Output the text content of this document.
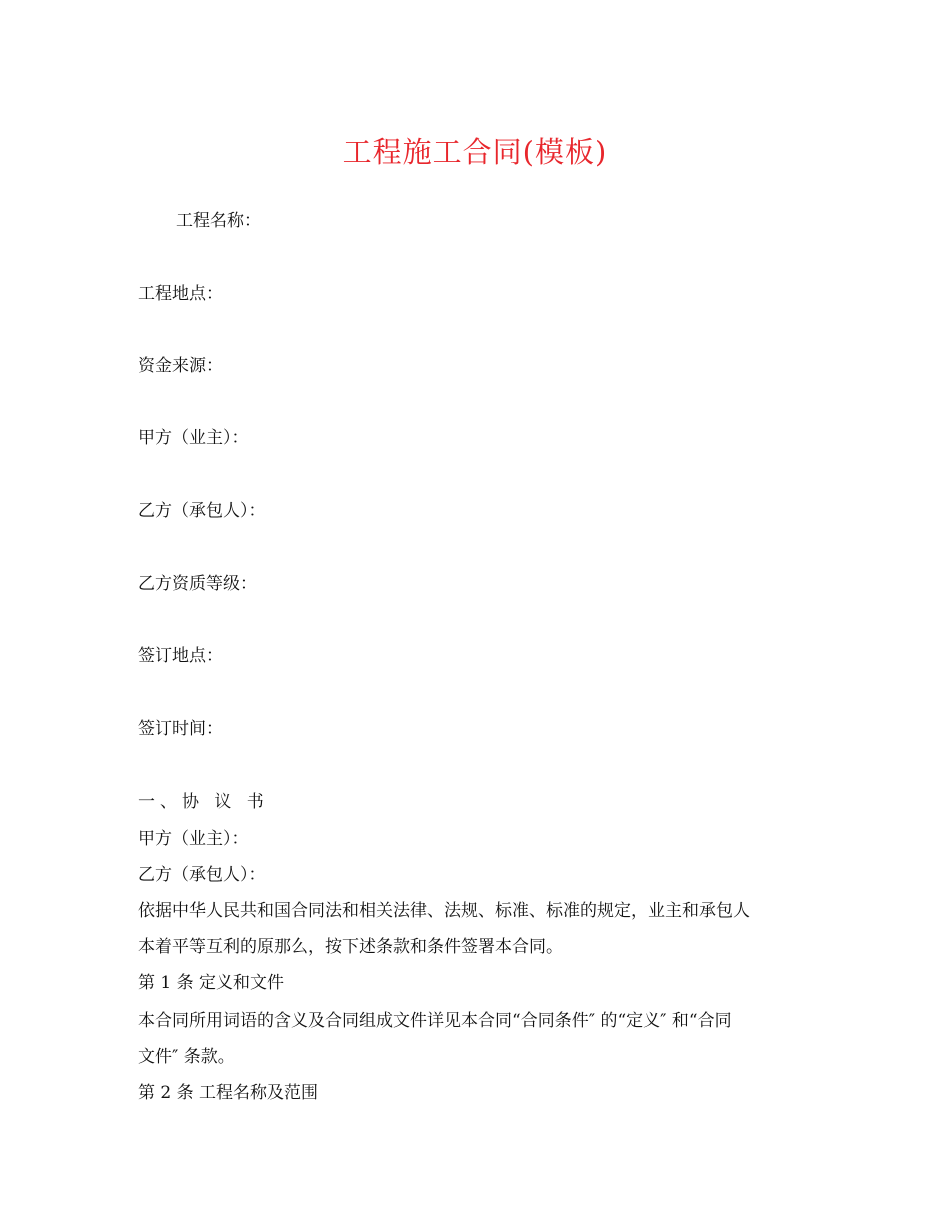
工程施工合同(模板)
工程名称：
工程地点：
资金来源：
甲方（业主）：
乙方（承包人）：
乙方资质等级：
签订地点：
签订时间：
一、协 议 书
甲方（业主）：
乙方（承包人）：
依据中华人民共和国合同法和相关法律、法规、标准、标准的规定，业主和承包人
本着平等互利的原那么，按下述条款和条件签署本合同。
第 1 条 定义和文件
本合同所用词语的含义及合同组成文件详见本合同“合同条件″ 的“定义″ 和“合同
文件″ 条款。
第 2 条 工程名称及范围
